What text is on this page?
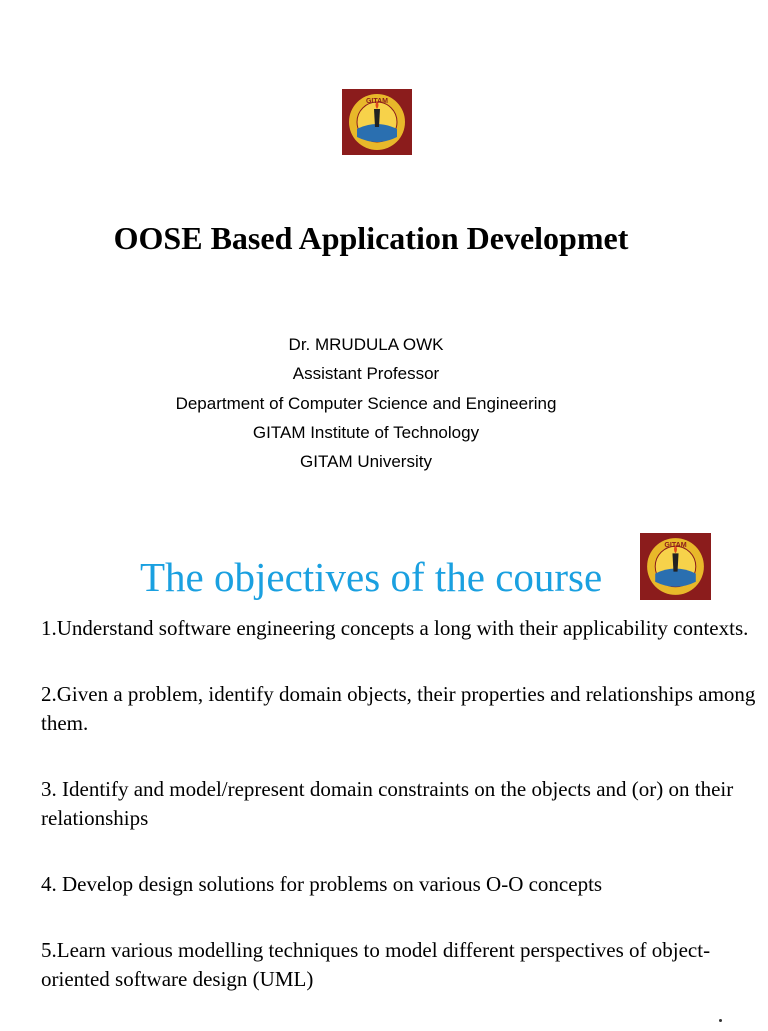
GITAM
OOSE Based Application Developmet
Dr. MRUDULA OWK
Assistant Professor
Department of Computer Science and Engineering
GITAM Institute of Technology
GITAM University
The objectives of the course
GITAM
1.Understand software engineering concepts a long with their applicability contexts.
2.Given a problem, identify domain objects, their properties and relationships among them.
3. Identify and model/represent domain constraints on the objects and (or) on their relationships
4. Develop design solutions for problems on various O-O concepts
5.Learn various modelling techniques to model different perspectives of object-oriented software design (UML)
